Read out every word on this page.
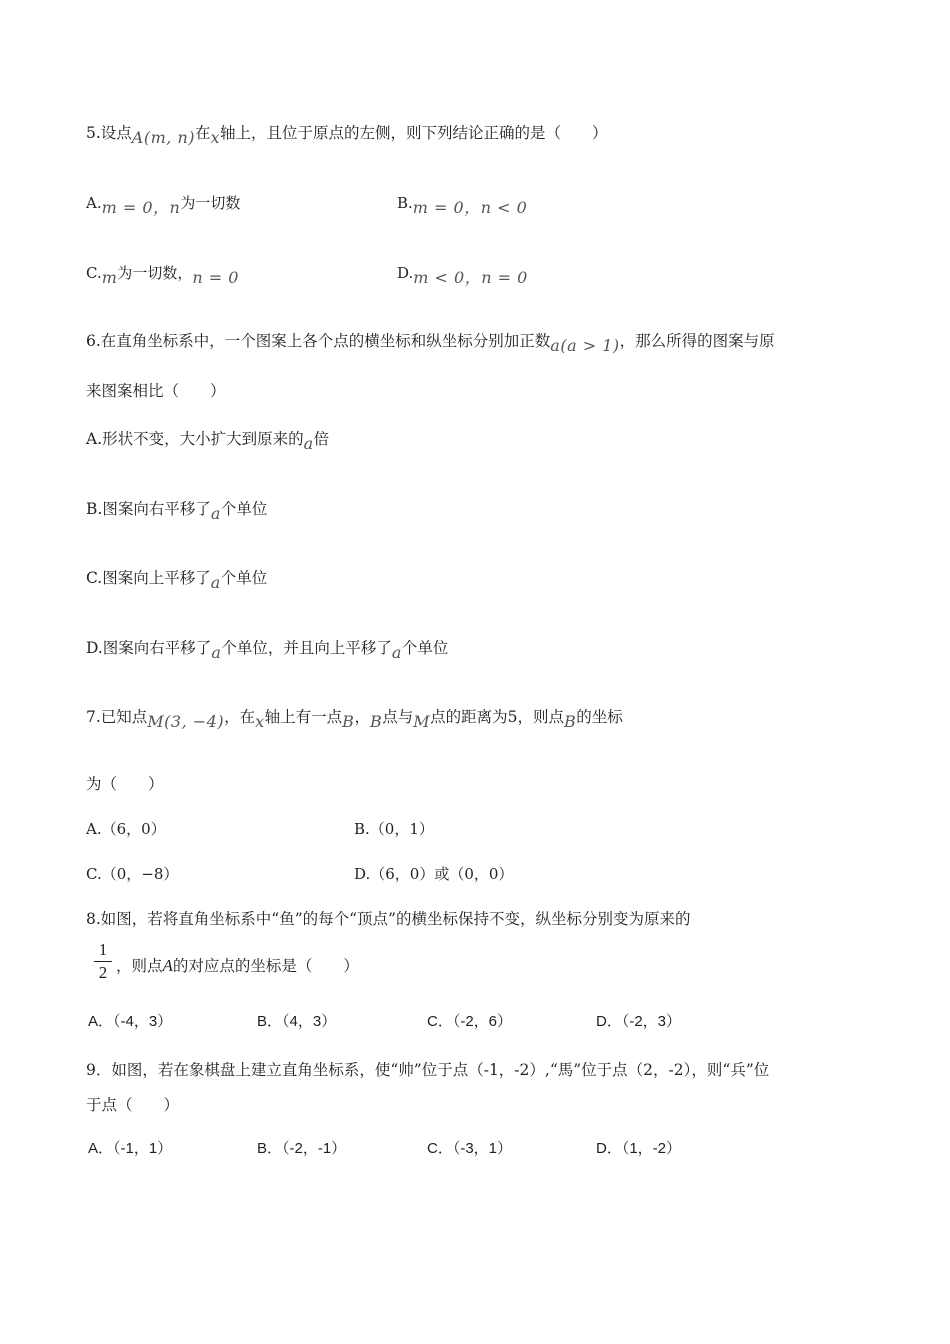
5.设点A(m, n)在x轴上，且位于原点的左侧，则下列结论正确的是（　　）
A.m = 0，n为一切数	B.m = 0，n < 0
C.m为一切数，n = 0	D.m < 0，n = 0
6.在直角坐标系中，一个图案上各个点的横坐标和纵坐标分别加正数a(a > 1)，那么所得的图案与原
来图案相比（　　）
A.形状不变，大小扩大到原来的a倍
B.图案向右平移了a个单位
C.图案向上平移了a个单位
D.图案向右平移了a个单位，并且向上平移了a个单位
7.已知点M(3, −4)，在x轴上有一点B，B点与M点的距离为5，则点B的坐标
为（　　）
A.（6，0）	B.（0，1）
C.（0，−8）	D.（6，0）或（0，0）
8.如图，若将直角坐标系中“鱼”的每个“顶点”的横坐标保持不变，纵坐标分别变为原来的
1
2 ，则点A的对应点的坐标是（　　）
A．（-4，3）	B．（4，3）	C．（-2，6）	D．（-2，3）
9．如图，若在象棋盘上建立直角坐标系，使“帅”位于点（-1，-2）,“馬”位于点（2，-2），则“兵”位
于点（　　）
A．（-1，1）	B．（-2，-1）	C．（-3，1）	D．（1，-2）
